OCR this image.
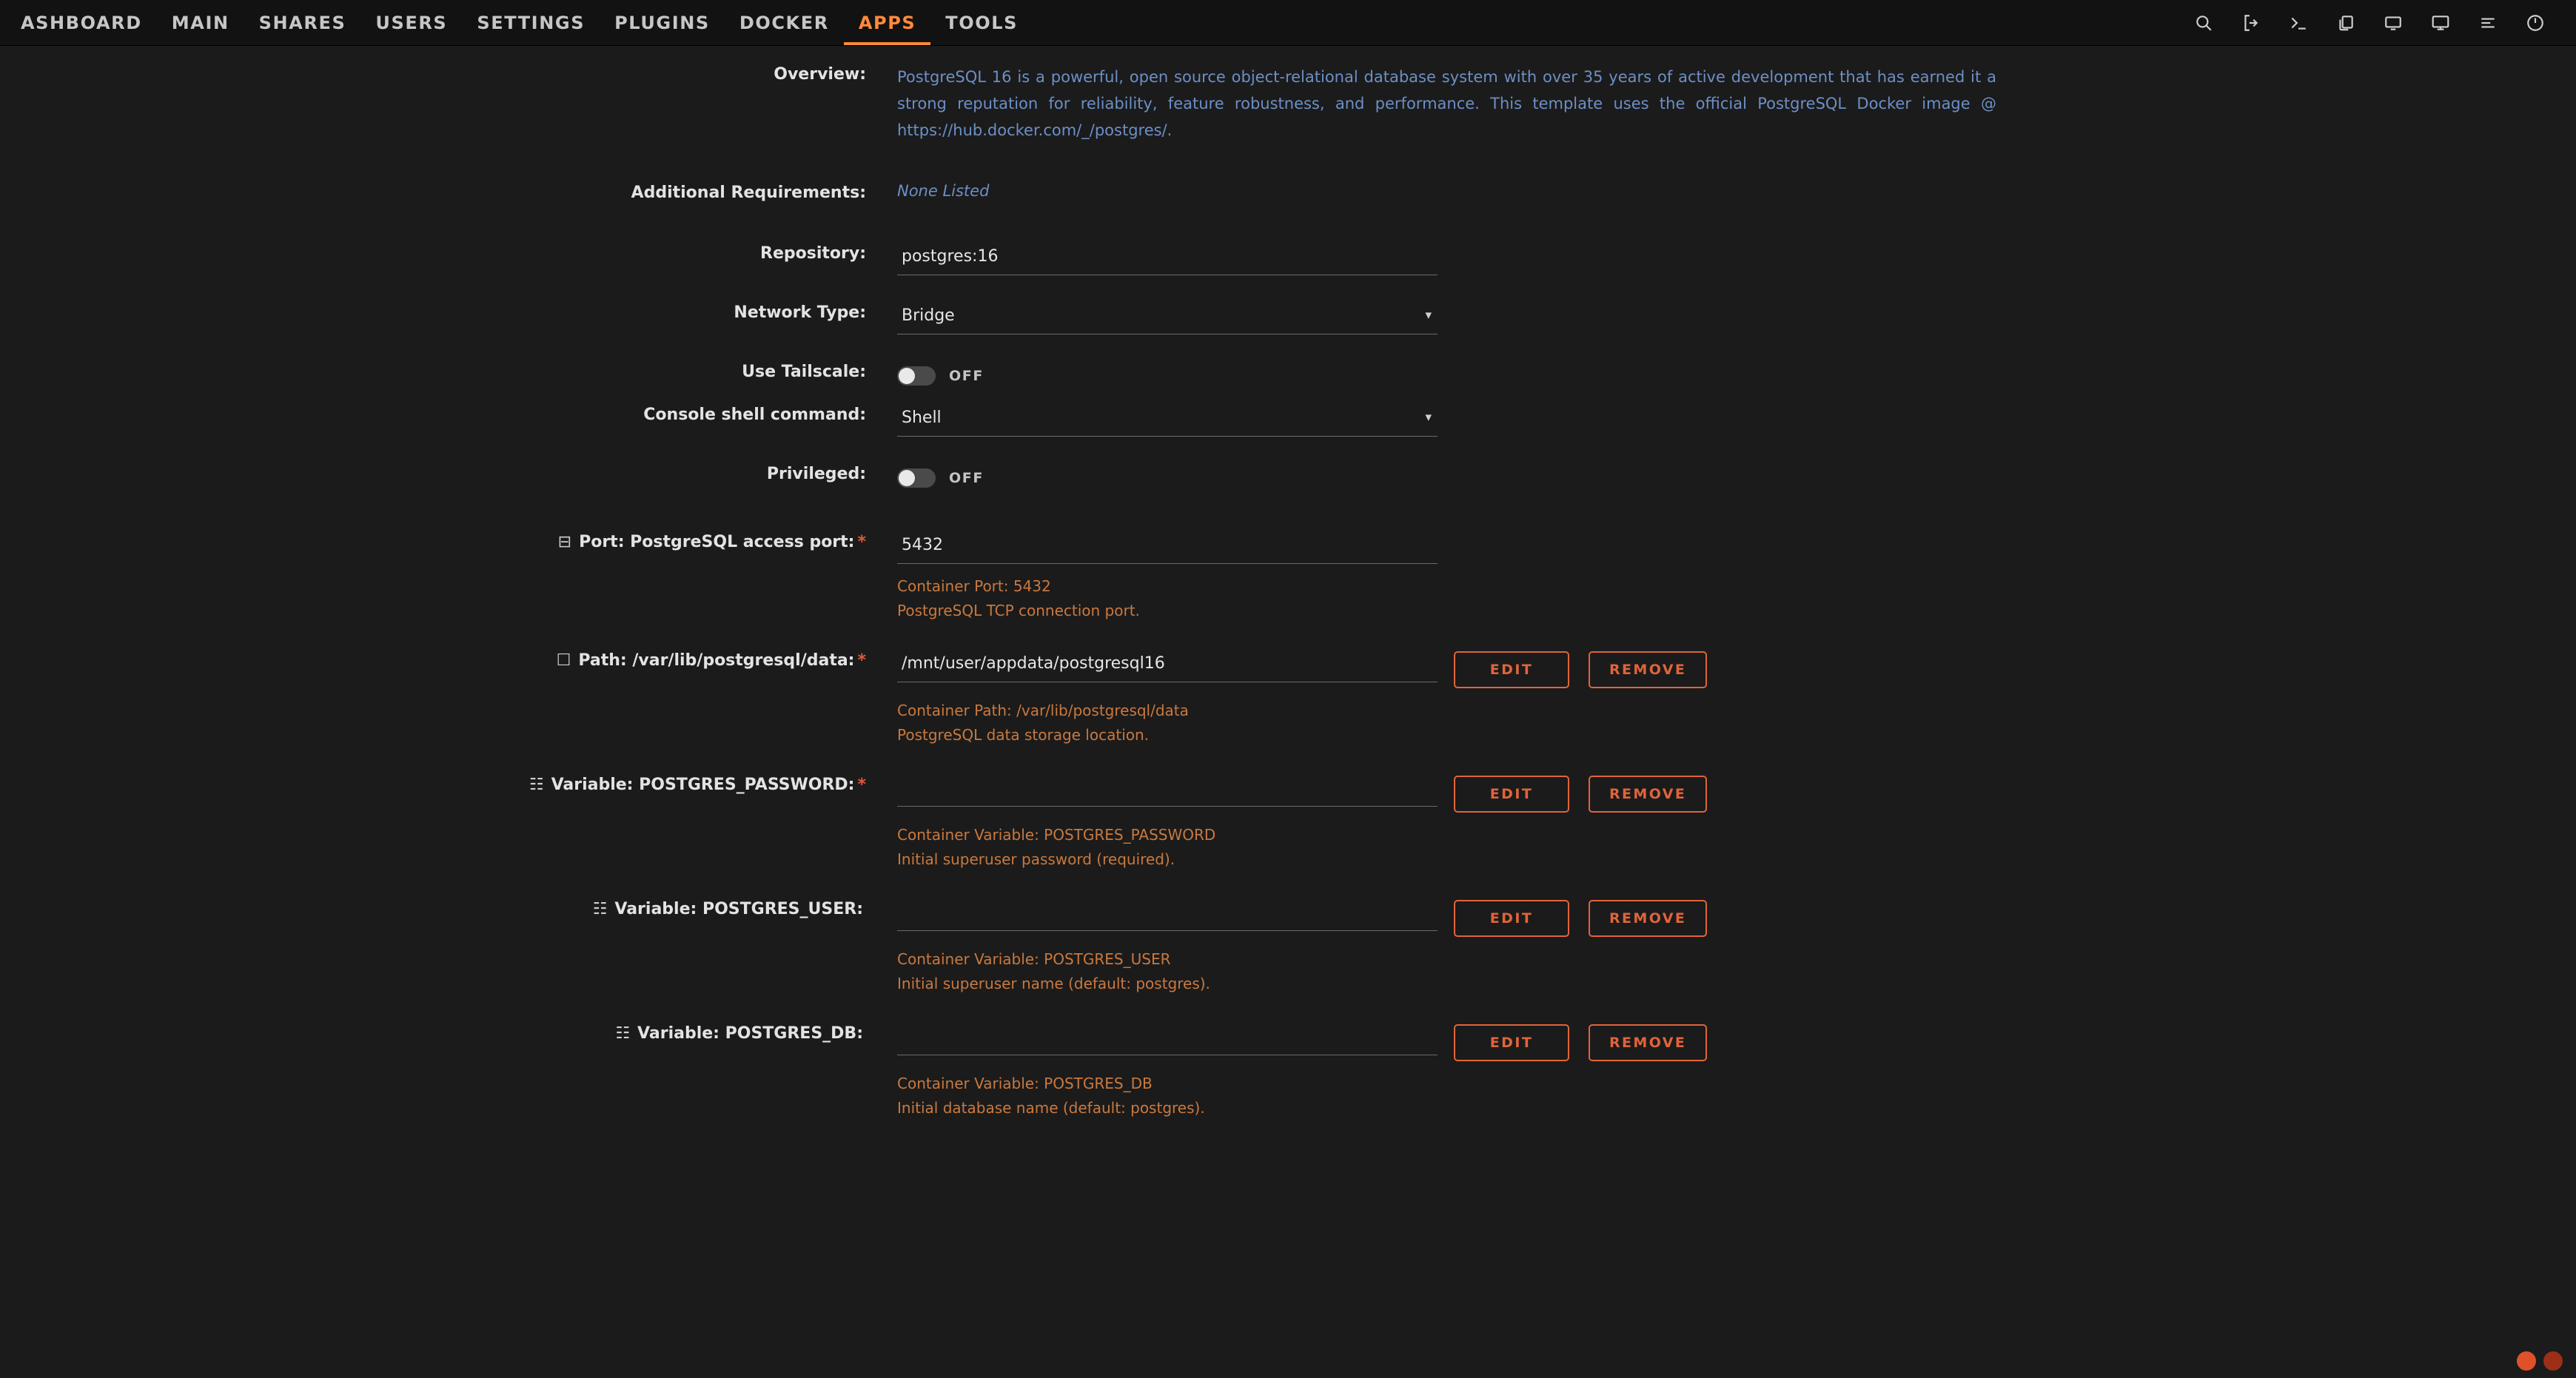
ASHBOARD	MAIN	SHARES	USERS	SETTINGS	PLUGINS	DOCKER	APPS	TOOLS
Overview:	PostgreSQL 16 is a powerful, open source object-relational database system with over 35 years of active development that has earned it a strong reputation for reliability, feature robustness, and performance. This template uses the official PostgreSQL Docker image @ https://hub.docker.com/_/postgres/.
Additional Requirements:	None Listed
Repository:
postgres:16
Network Type:	Bridge	▾
Use Tailscale:	OFF
Console shell command:	Shell	▾
Privileged:	OFF
⊟ Port: PostgreSQL access port: *
5432
Container Port: 5432
PostgreSQL TCP connection port.
☐ Path: /var/lib/postgresql/data: *
/mnt/user/appdata/postgresql16	EDIT	REMOVE
Container Path: /var/lib/postgresql/data
PostgreSQL data storage location.
☷ Variable: POSTGRES_PASSWORD: *	EDIT	REMOVE
Container Variable: POSTGRES_PASSWORD
Initial superuser password (required).
☷ Variable: POSTGRES_USER:	EDIT	REMOVE
Container Variable: POSTGRES_USER
Initial superuser name (default: postgres).
☷ Variable: POSTGRES_DB:	EDIT	REMOVE
Container Variable: POSTGRES_DB
Initial database name (default: postgres).
